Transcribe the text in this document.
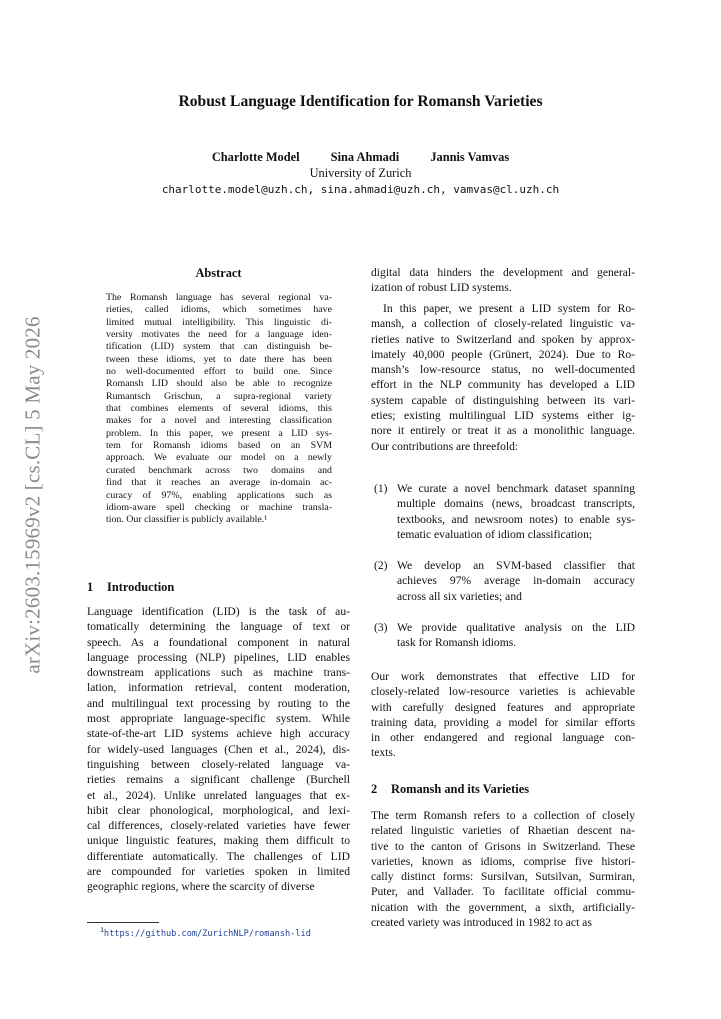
arXiv:2603.15969v2 [cs.CL] 5 May 2026
Robust Language Identification for Romansh Varieties
Charlotte Model	Sina Ahmadi	Jannis Vamvas
University of Zurich
charlotte.model@uzh.ch, sina.ahmadi@uzh.ch, vamvas@cl.uzh.ch
Abstract
The Romansh language has several regional va-
rieties, called idioms, which sometimes have
limited mutual intelligibility. This linguistic di-
versity motivates the need for a language iden-
tification (LID) system that can distinguish be-
tween these idioms, yet to date there has been
no well-documented effort to build one. Since
Romansh LID should also be able to recognize
Rumantsch Grischun, a supra-regional variety
that combines elements of several idioms, this
makes for a novel and interesting classification
problem. In this paper, we present a LID sys-
tem for Romansh idioms based on an SVM
approach. We evaluate our model on a newly
curated benchmark across two domains and
find that it reaches an average in-domain ac-
curacy of 97%, enabling applications such as
idiom-aware spell checking or machine transla-
tion. Our classifier is publicly available.¹
1 Introduction
Language identification (LID) is the task of au-
tomatically determining the language of text or
speech. As a foundational component in natural
language processing (NLP) pipelines, LID enables
downstream applications such as machine trans-
lation, information retrieval, content moderation,
and multilingual text processing by routing to the
most appropriate language-specific system. While
state-of-the-art LID systems achieve high accuracy
for widely-used languages (Chen et al., 2024), dis-
tinguishing between closely-related language va-
rieties remains a significant challenge (Burchell
et al., 2024). Unlike unrelated languages that ex-
hibit clear phonological, morphological, and lexi-
cal differences, closely-related varieties have fewer
unique linguistic features, making them difficult to
differentiate automatically. The challenges of LID
are compounded for varieties spoken in limited
geographic regions, where the scarcity of diverse
$^1$https://github.com/ZurichNLP/romansh-lid
digital data hinders the development and general-
ization of robust LID systems.
In this paper, we present a LID system for Ro-
mansh, a collection of closely-related linguistic va-
rieties native to Switzerland and spoken by approx-
imately 40,000 people (Grünert, 2024). Due to Ro-
mansh’s low-resource status, no well-documented
effort in the NLP community has developed a LID
system capable of distinguishing between its vari-
eties; existing multilingual LID systems either ig-
nore it entirely or treat it as a monolithic language.
Our contributions are threefold:
(1) We curate a novel benchmark dataset spanning
multiple domains (news, broadcast transcripts,
textbooks, and newsroom notes) to enable sys-
tematic evaluation of idiom classification;
(2) We develop an SVM-based classifier that
achieves 97% average in-domain accuracy
across all six varieties; and
(3) We provide qualitative analysis on the LID
task for Romansh idioms.
Our work demonstrates that effective LID for
closely-related low-resource varieties is achievable
with carefully designed features and appropriate
training data, providing a model for similar efforts
in other endangered and regional language con-
texts.
2 Romansh and its Varieties
The term Romansh refers to a collection of closely
related linguistic varieties of Rhaetian descent na-
tive to the canton of Grisons in Switzerland. These
varieties, known as idioms, comprise five histori-
cally distinct forms: Sursilvan, Sutsilvan, Surmiran,
Puter, and Vallader. To facilitate official commu-
nication with the government, a sixth, artificially-
created variety was introduced in 1982 to act as
